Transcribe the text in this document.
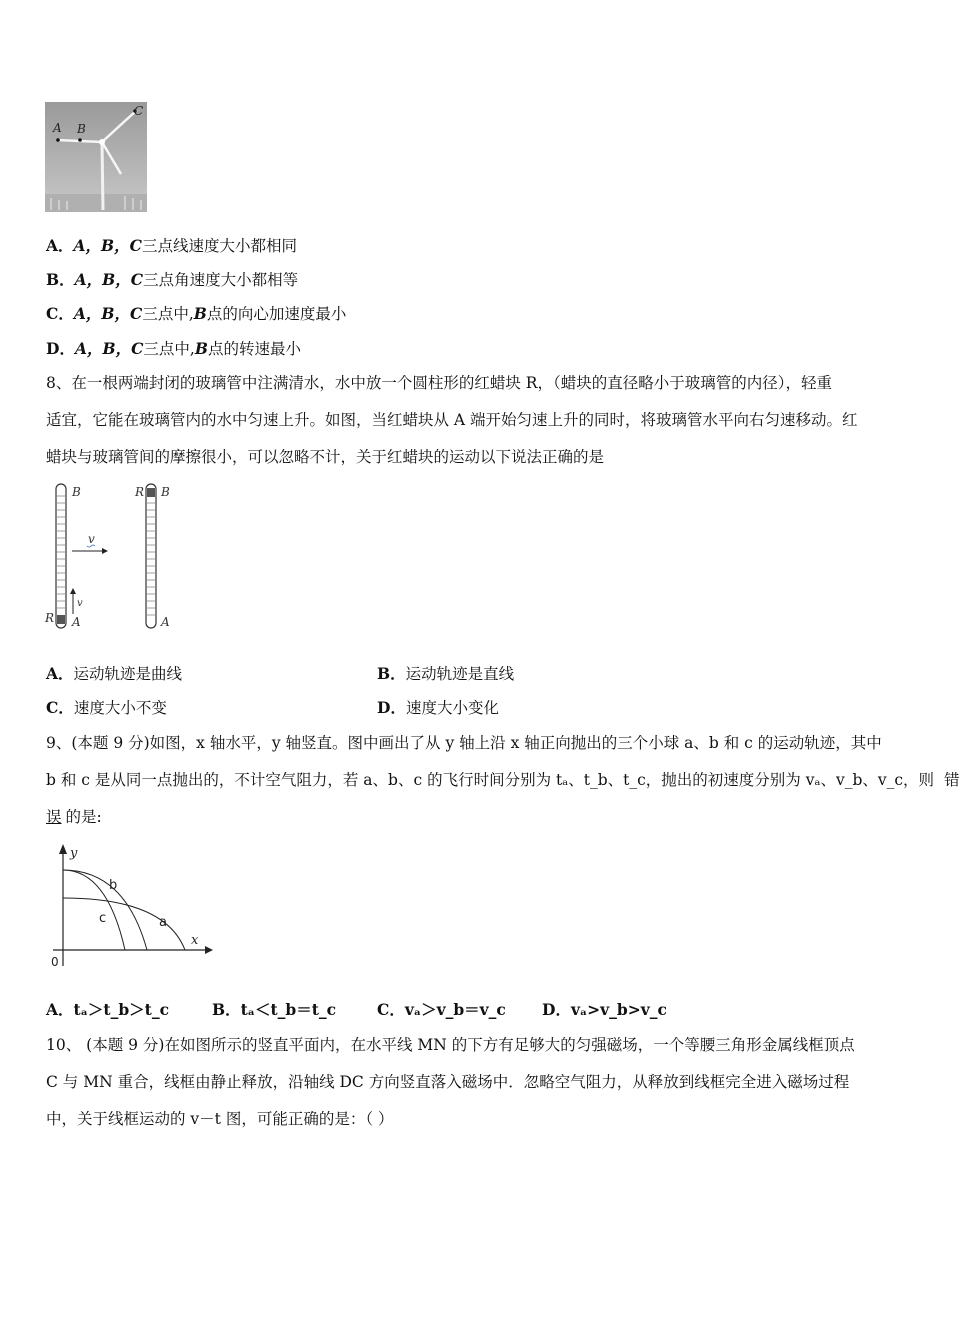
A B
C
A．A，B，C三点线速度大小都相同
B．A，B，C三点角速度大小都相等
C．A，B，C三点中,B点的向心加速度最小
D．A，B，C三点中,B点的转速最小
8、在一根两端封闭的玻璃管中注满清水，水中放一个圆柱形的红蜡块 R，（蜡块的直径略小于玻璃管的内径），轻重
适宜，它能在玻璃管内的水中匀速上升。如图，当红蜡块从 A 端开始匀速上升的同时，将玻璃管水平向右匀速移动。红
蜡块与玻璃管间的摩擦很小，可以忽略不计，关于红蜡块的运动以下说法正确的是
B
A
R
v
v
B
R
A
A．运动轨迹是曲线	B．运动轨迹是直线
C．速度大小不变	D．速度大小变化
9、(本题 9 分)如图，x 轴水平，y 轴竖直。图中画出了从 y 轴上沿 x 轴正向抛出的三个小球 a、b 和 c 的运动轨迹，其中
b 和 c 是从同一点抛出的，不计空气阻力，若 a、b、c 的飞行时间分别为 tₐ、t_b、t_c，抛出的初速度分别为 vₐ、v_b、v_c，则 错
误 的是:
y
x
0
b
c	a
A．tₐ＞t_b＞t_c	B．tₐ＜t_b＝t_c	C．vₐ＞v_b＝v_c D．vₐ>v_b>v_c
10、 (本题 9 分)在如图所示的竖直平面内，在水平线 MN 的下方有足够大的匀强磁场，一个等腰三角形金属线框顶点
C 与 MN 重合，线框由静止释放，沿轴线 DC 方向竖直落入磁场中．忽略空气阻力，从释放到线框完全进入磁场过程
中，关于线框运动的 v－t 图，可能正确的是：（ ）
